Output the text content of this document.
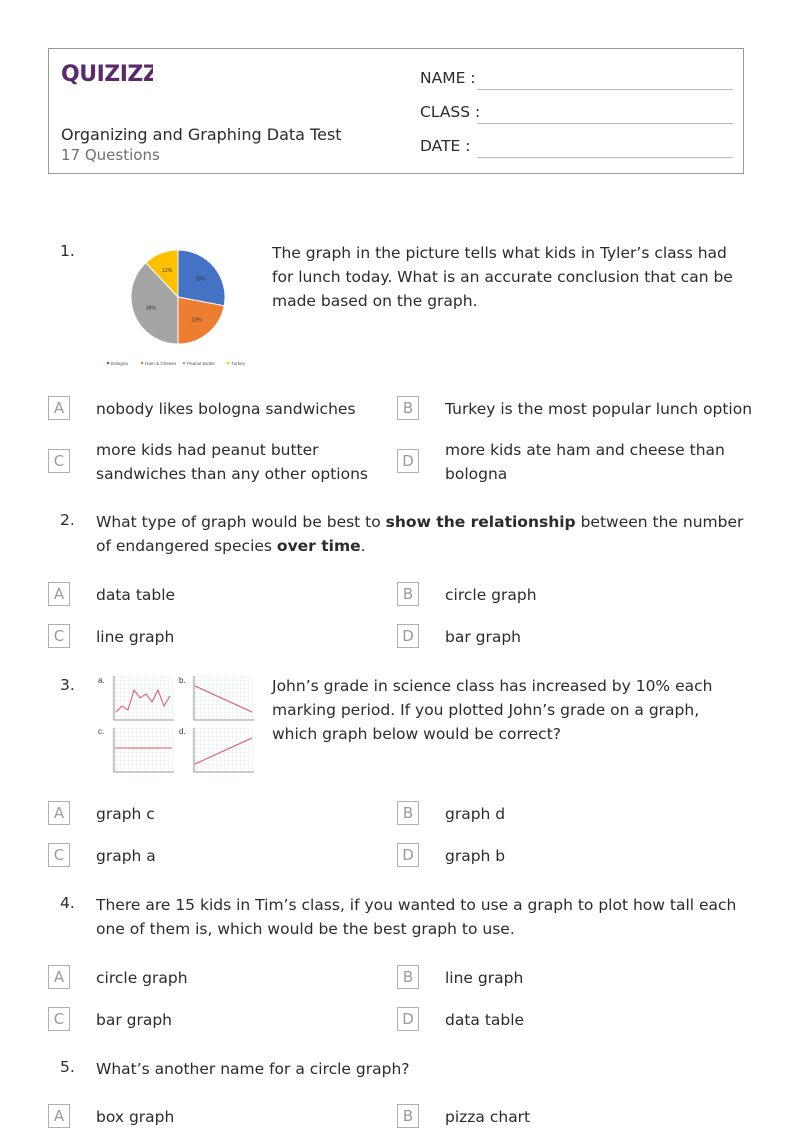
QUIZIZZ
Organizing and Graphing Data Test
17 Questions
NAME :
CLASS :
DATE :
1.
28%
22%
38%
12%
Bologna	Ham & Cheese Peanut Butter	Turkey
The graph in the picture tells what kids in Tyler’s class had for lunch today. What is an accurate conclusion that can be made based on the graph.
A	nobody likes bologna sandwiches	B	Turkey is the most popular lunch option
C
more kids had peanut butter sandwiches than any other options
D
more kids ate ham and cheese than bologna
2. What type of graph would be best to show the relationship between the number of endangered species over time.
A	data table	B	circle graph
C	line graph	D	bar graph
3.	a.	b.
c.	d.
John’s grade in science class has increased by 10% each marking period. If you plotted John’s grade on a graph, which graph below would be correct?
A	graph c	B	graph d
C	graph a	D	graph b
4. There are 15 kids in Tim’s class, if you wanted to use a graph to plot how tall each one of them is, which would be the best graph to use.
A	circle graph	B	line graph
C	bar graph	D	data table
5. What’s another name for a circle graph?
A	box graph	B	pizza chart
